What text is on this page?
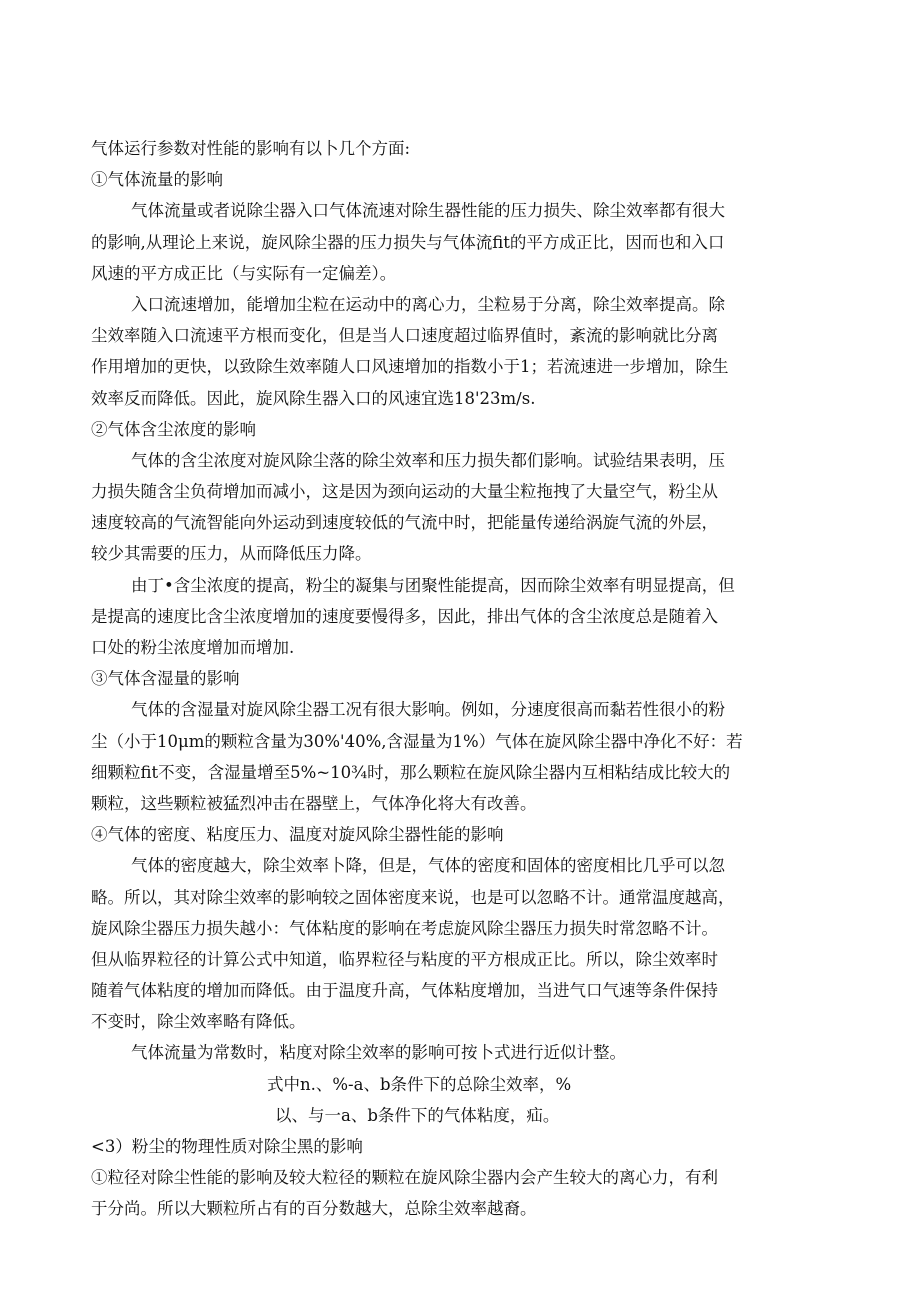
气体运行参数对性能的影响有以卜几个方面:
①气体流量的影响
气体流量或者说除尘器入口气体流速对除生器性能的压力损失、除尘效率都有很大
的影响,从理论上来说，旋风除尘器的压力损失与气体流fit的平方成正比，因而也和入口
风速的平方成正比（与实际有一定偏差）。
入口流速增加，能增加尘粒在运动中的离心力，尘粒易于分离，除尘效率提高。除
尘效率随入口流速平方根而变化，但是当人口速度超过临界值时，紊流的影响就比分离
作用增加的更快，以致除生效率随人口风速增加的指数小于1；若流速进一步增加，除生
效率反而降低。因此，旋风除生器入口的风速宜选18'23m∕s.
②气体含尘浓度的影响
气体的含尘浓度对旋风除尘落的除尘效率和压力损失都们影响。试验结果表明，压
力损失随含尘负荷增加而减小，这是因为颈向运动的大量尘粒拖拽了大量空气，粉尘从
速度较高的气流智能向外运动到速度较低的气流中时，把能量传递给涡旋气流的外层，
较少其需要的压力，从而降低压力降。
由丁•含尘浓度的提高，粉尘的凝集与团聚性能提高，因而除尘效率有明显提高，但
是提高的速度比含尘浓度增加的速度要慢得多，因此，排出气体的含尘浓度总是随着入
口处的粉尘浓度增加而增加.
③气体含湿量的影响
气体的含湿量对旋风除尘器工况有很大影响。例如，分速度很高而黏若性很小的粉
尘（小于10μm的颗粒含量为30%'40%,含湿量为1%）气体在旋风除尘器中净化不好：若
细颗粒fit不变，含湿量增至5%~10¾时，那么颗粒在旋风除尘器内互相粘结成比较大的
颗粒，这些颗粒被猛烈冲击在器壁上，气体净化将大有改善。
④气体的密度、粘度压力、温度对旋风除尘器性能的影响
气体的密度越大，除尘效率卜降，但是，气体的密度和固体的密度相比几乎可以忽
略。所以，其对除尘效率的影响较之固体密度来说，也是可以忽略不计。通常温度越高，
旋风除尘器压力损失越小：气体粘度的影响在考虑旋风除尘器压力损失时常忽略不计。
但从临界粒径的计算公式中知道，临界粒径与粘度的平方根成正比。所以，除尘效率时
随着气体粘度的增加而降低。由于温度升高，气体粘度增加，当进气口气速等条件保持
不变时，除尘效率略有降低。
气体流量为常数时，粘度对除尘效率的影响可按卜式进行近似计整。
式中n.、%-a、b条件下的总除尘效率，%
以、与一a、b条件下的气体粘度，疝。
<3）粉尘的物理性质对除尘黑的影响
①粒径对除尘性能的影响及较大粒径的颗粒在旋风除尘器内会产生较大的离心力，有利
于分尚。所以大颗粒所占有的百分数越大，总除尘效率越裔。
